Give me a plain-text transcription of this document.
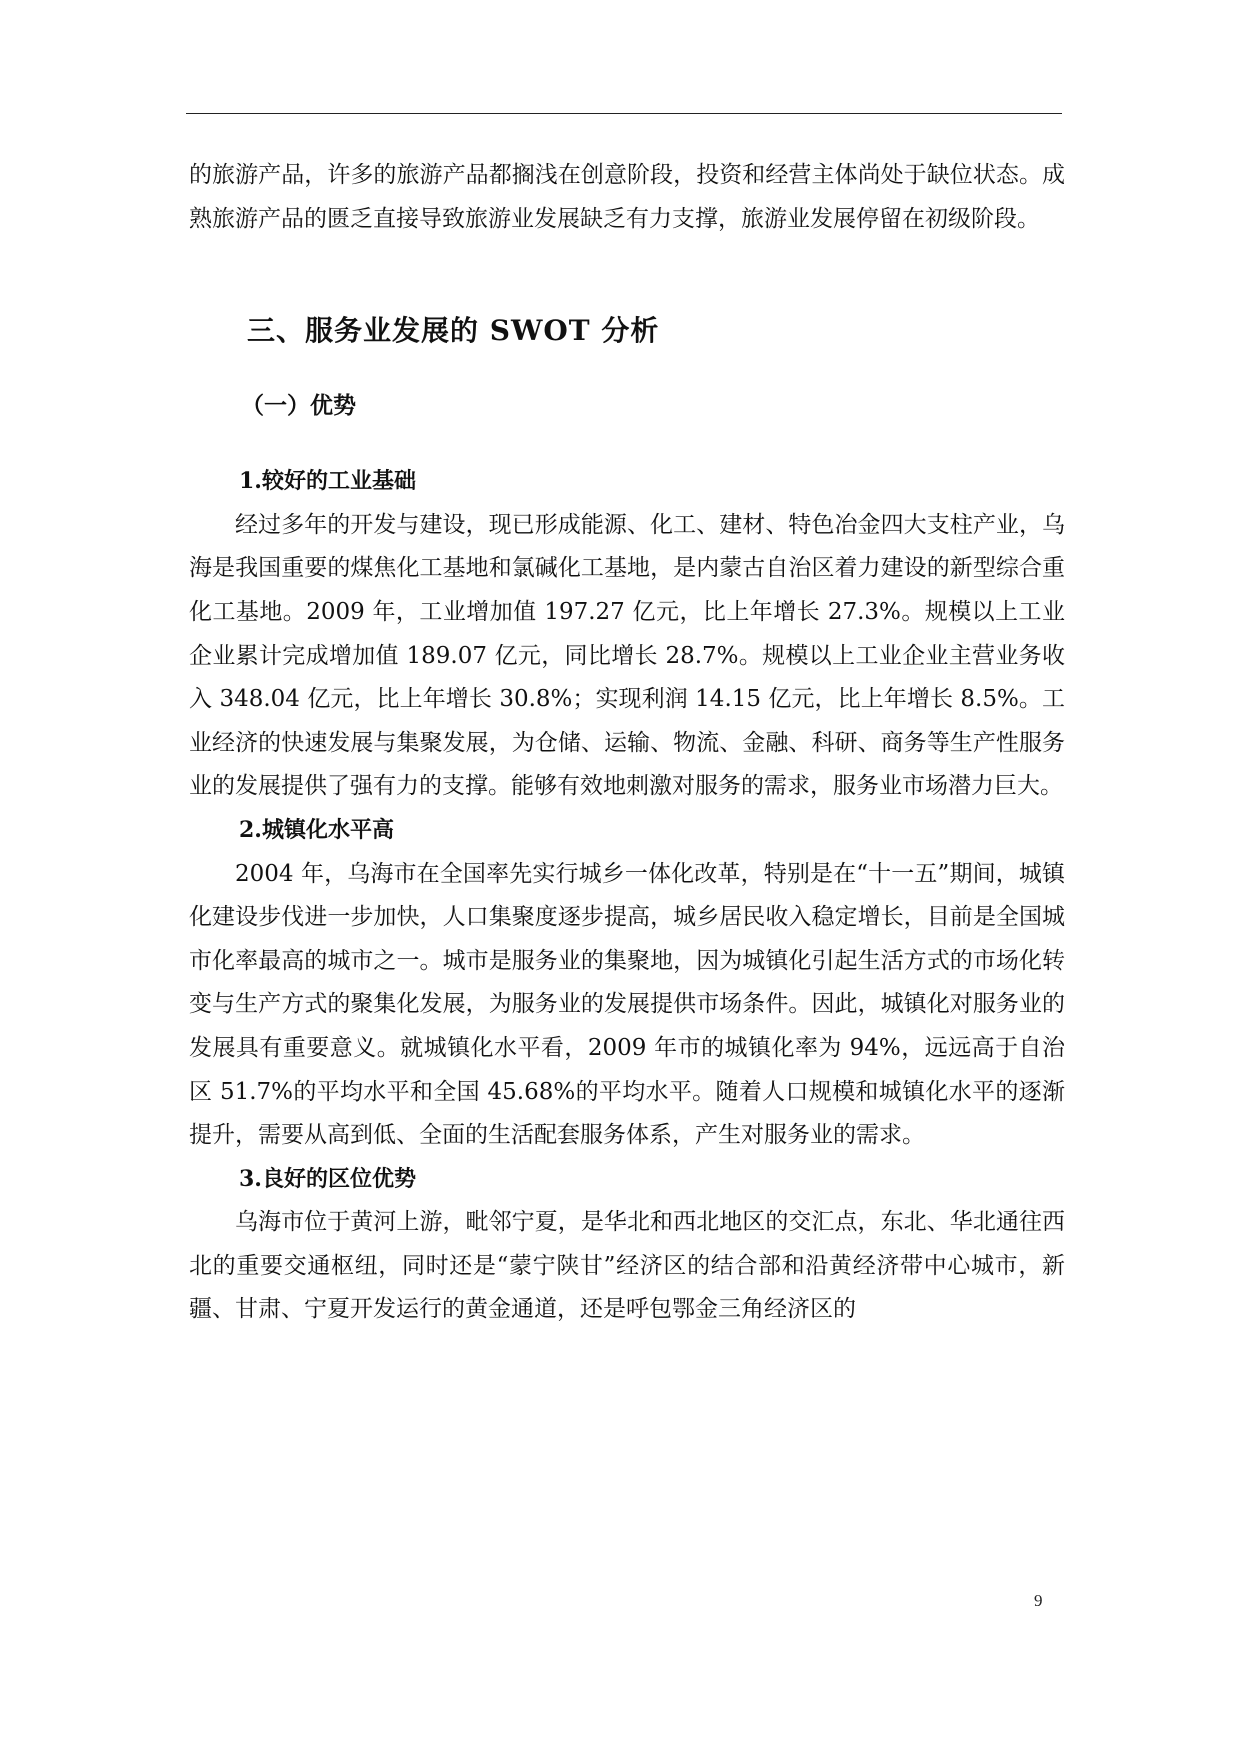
的旅游产品，许多的旅游产品都搁浅在创意阶段，投资和经营主体尚处于缺位状态。成熟旅游产品的匮乏直接导致旅游业发展缺乏有力支撑，旅游业发展停留在初级阶段。

三、服务业发展的 SWOT 分析
（一）优势
1.较好的工业基础

经过多年的开发与建设，现已形成能源、化工、建材、特色冶金四大支柱产业，乌海是我国重要的煤焦化工基地和氯碱化工基地，是内蒙古自治区着力建设的新型综合重化工基地。2009 年，工业增加值 197.27 亿元，比上年增长 27.3%。规模以上工业企业累计完成增加值 189.07 亿元，同比增长 28.7%。规模以上工业企业主营业务收入 348.04 亿元，比上年增长 30.8%；实现利润 14.15 亿元，比上年增长 8.5%。工业经济的快速发展与集聚发展，为仓储、运输、物流、金融、科研、商务等生产性服务业的发展提供了强有力的支撑。能够有效地刺激对服务的需求，服务业市场潜力巨大。

2.城镇化水平高

2004 年，乌海市在全国率先实行城乡一体化改革，特别是在“十一五”期间，城镇化建设步伐进一步加快，人口集聚度逐步提高，城乡居民收入稳定增长，目前是全国城市化率最高的城市之一。城市是服务业的集聚地，因为城镇化引起生活方式的市场化转变与生产方式的聚集化发展，为服务业的发展提供市场条件。因此，城镇化对服务业的发展具有重要意义。就城镇化水平看，2009 年市的城镇化率为 94%，远远高于自治区 51.7%的平均水平和全国 45.68%的平均水平。随着人口规模和城镇化水平的逐渐提升，需要从高到低、全面的生活配套服务体系，产生对服务业的需求。

3.良好的区位优势

乌海市位于黄河上游，毗邻宁夏，是华北和西北地区的交汇点，东北、华北通往西北的重要交通枢纽，同时还是“蒙宁陕甘”经济区的结合部和沿黄经济带中心城市，新疆、甘肃、宁夏开发运行的黄金通道，还是呼包鄂金三角经济区的

9
